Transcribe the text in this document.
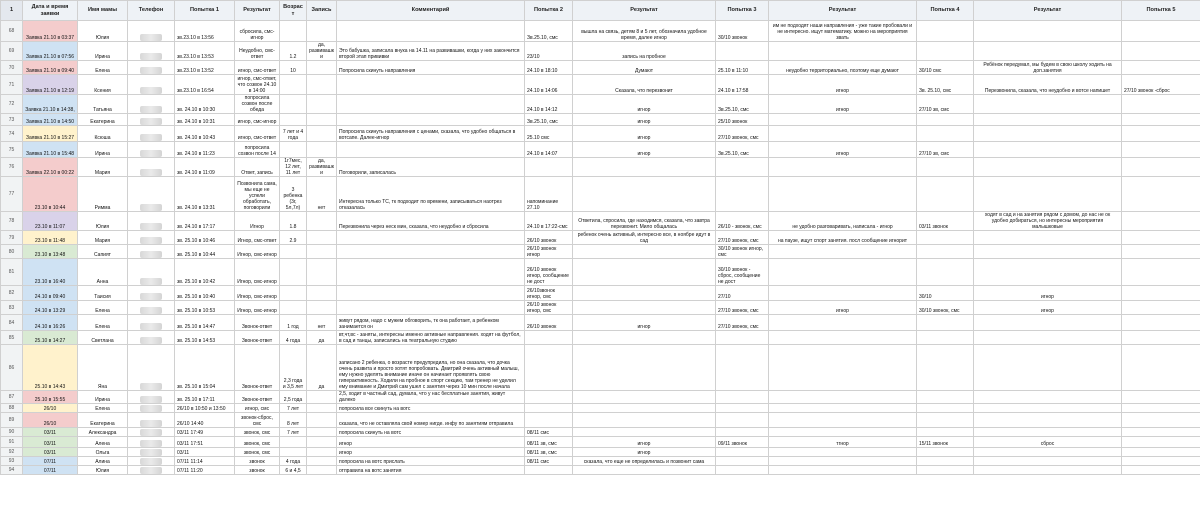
1	Дата и время заявки	Имя мамы	Телефон	Попытка 1	Результат	Возраст	Запись	Комментарий	Попытка 2	Результат	Попытка 3	Результат	Попытка 4	Результат	Попытка 5
68	Заявка 21.10 в 03:37	Юлия		зв.23.10 в 13:56	сбросила, смс-игнор				Зв.25.10, смс	вышла на связь, детям 8 и 5 лет, обозначила удобное время, далее игнор	30/10 звонок	им не подходят наши направления - уже такие пробовали и не интересно. ищут математику. можно на мероприятия звать			
69	Заявка 21.10 в 07:56	Ирина		зв.23.10 в 13:53	Неудобно, смс-ответ	1.2	да, развивашк и	Это бабушка, записала внука на 14.11 на развивашки, когда у них закончится второй этап прививки	23/10	запись на пробное					
70	Заявка 21.10 в 09:40	Елена		зв.23.10 в 13:52	игнор, смс-ответ	10		Попросила скинуть направления	24.10 в 18:10	Думают	25.10 в 11:10	неудобно территориально, поэтому еще думают	30/10 смс	Ребёнок передумал, мы будем в свою школу ходить на доп.занятия	
71	Заявка 21.10 в 12:19	Ксения		зв.23.10 в 16:54	игнор, смс-ответ, что созвон 24.10 в 14:00				24.10 в 14:06	Сказала, что перезвонит	24.10 в 17:58	игнор	Зв. 25.10, смс	Перезвонила, сказала, что неудобно и вотсе напишет	27/10 звонок -сброс
72	Заявка 21.10 в 14:38,	Татьяна		зв. 24.10 в 10:30	попросила созвон после обеда				24.10 в 14:12	игнор	Зв.25.10, смс	игнор	27/10 зв, смс		
73	Заявка 21.10 в 14:50	Екатерина		зв. 24.10 в 10:31	игнор, смс-игнор				Зв.25.10, смс	игнор	25/10 звонок				
74	Заявка 21.10 в 15:27	Ксюша		зв. 24.10 в 10:43	игнор, смс-ответ	7 лет и 4 года		Попросила скинуть направления с ценами, сказала, что удобно общаться в вотсапе. Далее-игнор	25.10 смс	игнор	27/10 звонок, смс				
75	Заявка 21.10 в 15:48	Ирина		зв. 24.10 в 11:23	попросила созвон после 14				24.10 в 14:07	игнор	Зв.25.10, смс	игнор	27/10 зв, смс		
76	Заявка 22.10 в 00:22	Мария		зв. 24.10 в 11:09	Ответ, запись	1г7мес, 12 лет, 11 лет	да, развивашк и	Поговорили, записалась							
77	23.10 в 10:44	Римма		зв. 24.10 в 13:31	Позвонила сама, мы еще не успели обработать, поговорили	3 ребенка (3г, 5л,7л)	нет	Интересна только ТС, тк подходит по времени, записываться наотрез отказалась	напоминание 27.10						
78	23.10 в 11:07	Юлия		зв. 24.10 в 17:17	Игнор	1.8		Перезвонила через неск мин, сказала, что неудобно и сбросила	24.10 в 17:22-смс	Ответила, спросила, где находимся, сказала, что завтра перезвонит. Мило общалась	26/10 - звонок, смс	не удобно разговаривать, написала - игнор	03/11 звонок	ходят в сад и на занятия рядом с домом, до нас не ок удобно добираться, но интересны мероприятия малышковые	
79	23.10 в 11:48	Мария		зв. 25.10 в 10:46	Игнор, смс-ответ	2.9			26/10 звонок	ребенок очень активный, интересно все, в ноябре идут в сад	27/10 звонок, смс	на паузе, ищут спорт занятия. посл сообщение игнорит			
80	23.10 в 13:48	Сапият		зв. 25.10 в 10:44	Игнор, смс-игнор				26/10 звонок игнор		30/10 звонок игнор, смс				
81	23.10 в 16:40	Анна		зв. 25.10 в 10:42	Игнор, смс-игнор				26/10 звонок игнор, сообщение не дост		30/10 звонок - сброс, сообщение не дост				
82	24.10 в 09:40	Таисия		зв. 25.10 в 10:40	Игнор, смс-игнор				26/10звонок игнор, смс		27/10		30/10	игнор	
83	24.10 в 13:29	Елена		зв. 25.10 в 10:53	Игнор, смс-игнор				26/10 звонок игнор, смс		27/10 звонок, смс	игнор	30/10 звонок, смс	игнор	
84	24.10 в 16:26	Елена		зв. 25.10 в 14:47	Звонок-ответ	1 год	нет	живут рядом, надо с мужем обговорить, тк она работает, а ребенком занимается он	26/10 звонок	игнор	27/10 звонок, смс				
85	25.10 в 14:27	Светлана		зв. 25.10 в 14:53	Звонок-ответ	4 года	да	вт,чт,вс - заняты, интересны именно активные направления. ходят на футбол, в сад и танцы, записались на театральную студию							
86	25.10 в 14:43	Яна		зв. 25.10 в 15:04	Звонок-ответ	2,3 года и 3,5 лет	да	записано 2 ребенка, о возрасте предупредила, но она сказала, что дочка очень развита и просто хотят попробовать. Дмитрий очень активный малыш, ему нужно уделять внимание иначе он начинает проявлять свою гиперактивность. Ходили на пробное в спорт секцию, там тренер не уделил ему внимание и Дмитрий сам ушел с занятия через 10 мин после начала							
87	25.10 в 15:55	Ирина		зв. 25.10 в 17:11	Звонок-ответ	2,5 года		2,5, ходит в частный сад, думала, что у нас бесплатные занятия, живут далеко							
88	26/10	Елена		26/10 в 10:50 и 13:50	игнор, смс	7 лет		попросила все скинуть на вотс							
89	26/10	Екатерина		26/10 14:40	звонок-сброс, смс	8 лет		сказала, что не оставляла свой номер нигде. инфу по занятиям отправила							
90	03/11	Александра		03/11 17:49	звонок, смс	7 лет		попросила скинуть на вотс	08/11 смс						
91	03/11	Алена		03/11 17:51	звонок, смс			игнор	08/11 зв, смс	игнор	09/11 звонок	тгнор	15/11 звонок	сброс	
92	03/11	Ольга		03/11	звонок, смс			игнор	08/11 зв, смс	игнор					
93	07/11	Алина		07/11 11:14	звонок	4 года		попросила на вотс прислать	08/11 смс	сказала, что еще не определилась и позвонит сама					
94	07/11	Юлия		07/11 11:20	звонок	6 и 4,5		отправила на вотс занятия							
